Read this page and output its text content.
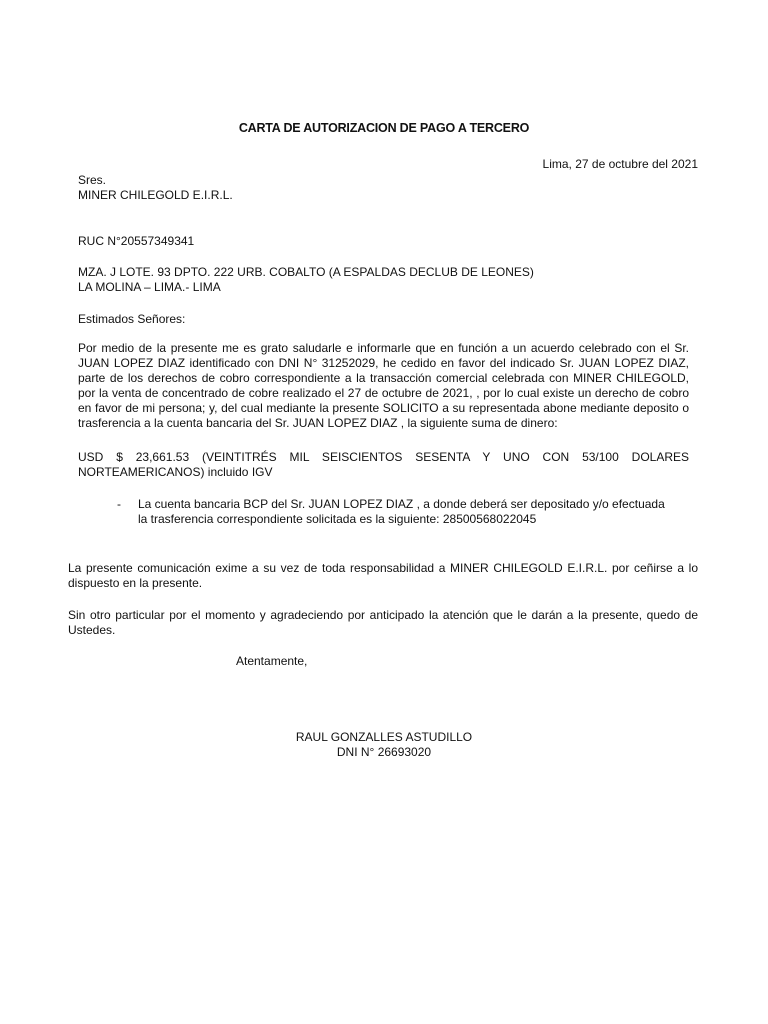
CARTA DE AUTORIZACION DE PAGO A TERCERO
Lima, 27 de octubre del 2021
Sres.
MINER CHILEGOLD E.I.R.L.
RUC N°20557349341
MZA. J LOTE. 93 DPTO. 222 URB. COBALTO (A ESPALDAS DECLUB DE LEONES)
LA MOLINA – LIMA.- LIMA
Estimados Señores:
Por medio de la presente me es grato saludarle e informarle que en función a un acuerdo celebrado con el Sr. JUAN LOPEZ DIAZ identificado con DNI N° 31252029, he cedido en favor del indicado Sr. JUAN LOPEZ DIAZ, parte de los derechos de cobro correspondiente a la transacción comercial celebrada con MINER CHILEGOLD, por la venta de concentrado de cobre realizado el 27 de octubre de 2021, , por lo cual existe un derecho de cobro en favor de mi persona; y, del cual mediante la presente SOLICITO a su representada abone mediante deposito o trasferencia a la cuenta bancaria del Sr. JUAN LOPEZ DIAZ , la siguiente suma de dinero:
USD $ 23,661.53 (VEINTITRÉS MIL SEISCIENTOS SESENTA Y UNO CON 53/100 DOLARES NORTEAMERICANOS) incluido IGV
-	La cuenta bancaria BCP del Sr. JUAN LOPEZ DIAZ , a donde deberá ser depositado y/o efectuada la trasferencia correspondiente solicitada es la siguiente: 28500568022045
La presente comunicación exime a su vez de toda responsabilidad a MINER CHILEGOLD E.I.R.L. por ceñirse a lo dispuesto en la presente.
Sin otro particular por el momento y agradeciendo por anticipado la atención que le darán a la presente, quedo de Ustedes.
Atentamente,
RAUL GONZALLES ASTUDILLO
DNI N° 26693020
